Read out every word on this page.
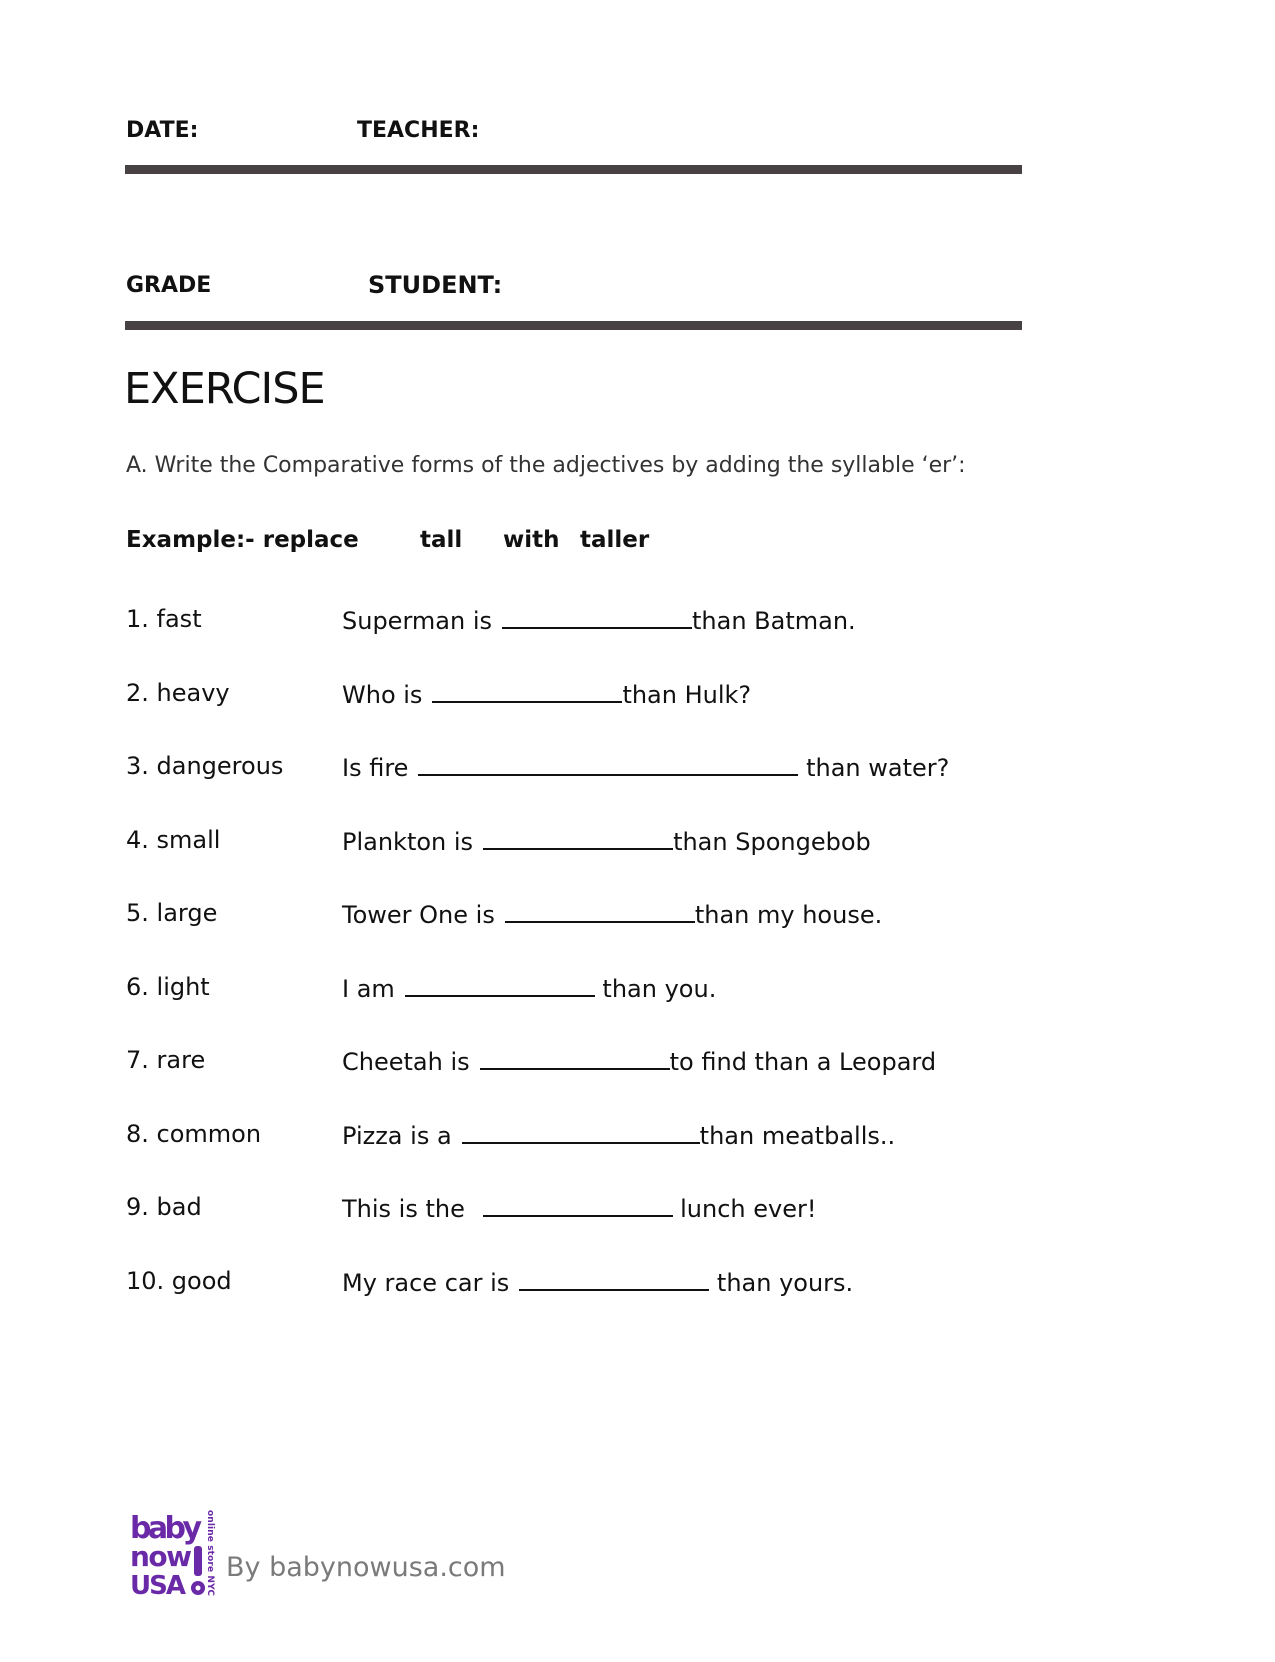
DATE:	TEACHER:
GRADE	STUDENT:
EXERCISE
A. Write the Comparative forms of the adjectives by adding the syllable ‘er’:
Example:- replace	tall with taller
1. fast	Superman is	than Batman.
2. heavy	Who is	than Hulk?
3. dangerous Is fire	than water?
4. small	Plankton is	than Spongebob
5. large	Tower One is	than my house.
6. light	I am	than you.
7. rare	Cheetah is	to find than a Leopard
8. common	Pizza is a	than meatballs..
9. bad	This is the	lunch ever!
10. good	My race car is	than yours.
baby
now
USA
online store NYC
By babynowusa.com
